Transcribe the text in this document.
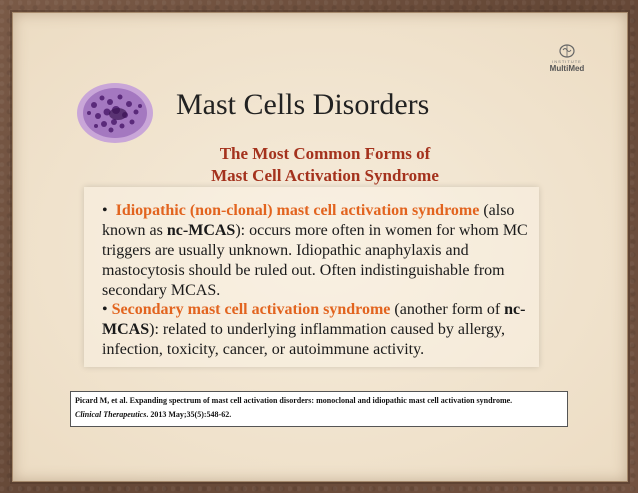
INSTITUTE
MultiMed
Mast Cells Disorders
The Most Common Forms of
Mast Cell Activation Syndrome
• Idiopathic (non-clonal) mast cell activation syndrome (also known as nc-MCAS): occurs more often in women for whom MC triggers are usually unknown. Idiopathic anaphylaxis and mastocytosis should be ruled out. Often indistinguishable from secondary MCAS.
• Secondary mast cell activation syndrome (another form of nc-MCAS): related to underlying inflammation caused by allergy, infection, toxicity, cancer, or autoimmune activity.
Picard M, et al. Expanding spectrum of mast cell activation disorders: monoclonal and idiopathic mast cell activation syndrome.
Clinical Therapeutics. 2013 May;35(5):548-62.
